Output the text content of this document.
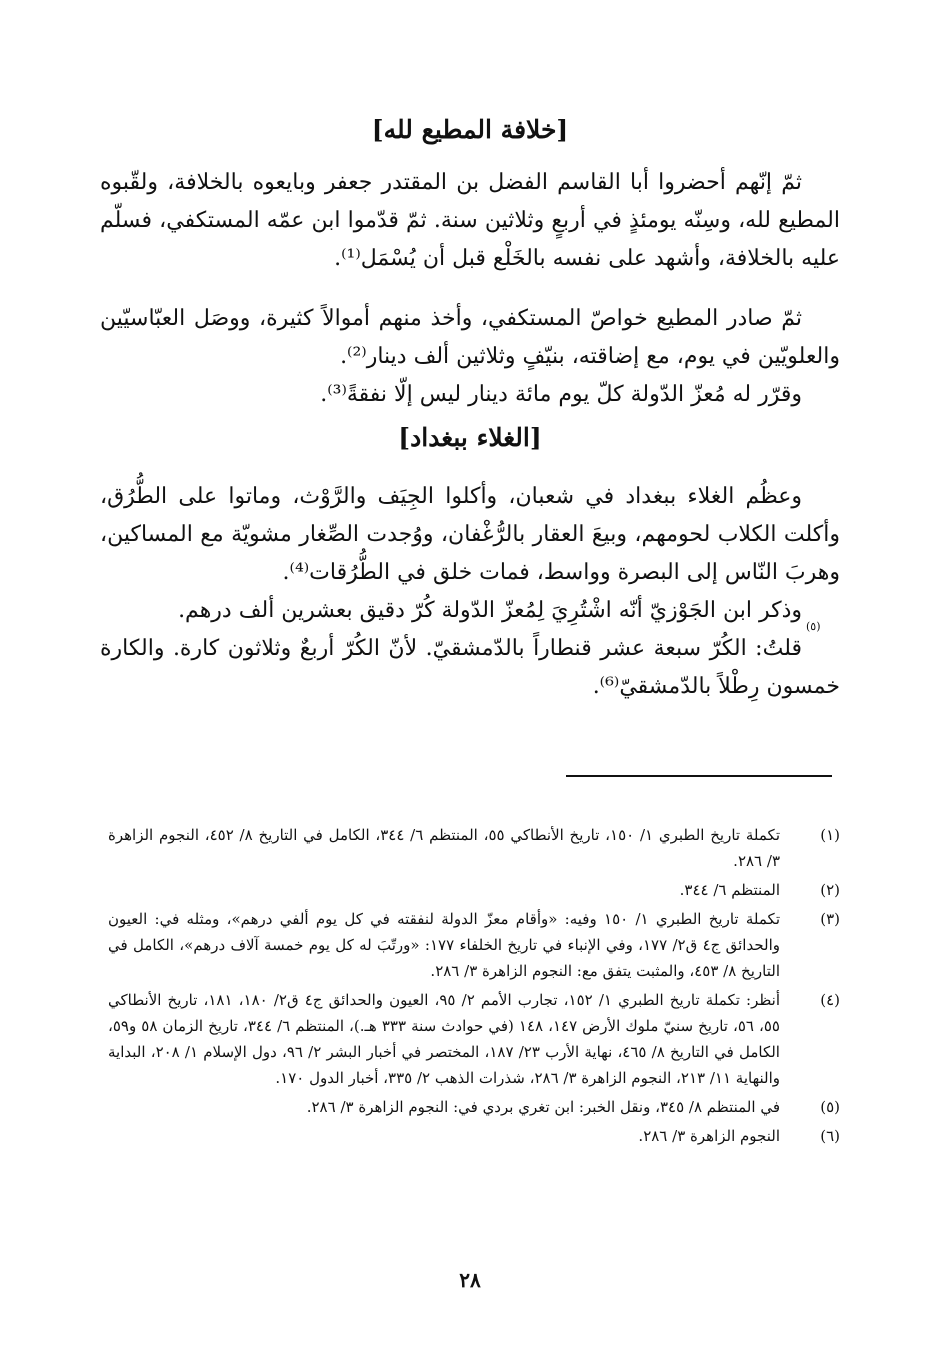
[خلافة المطيع لله]

ثمّ إنّهم أحضروا أبا القاسم الفضل بن المقتدر جعفر وبايعوه بالخلافة، ولقّبوه المطيع لله، وسِنّه يومئذٍ في أربعٍ وثلاثين سنة. ثمّ قدّموا ابن عمّه المستكفي، فسلّم عليه بالخلافة، وأشهد على نفسه بالخَلْع قبل أن يُسْمَل⁽¹⁾.

ثمّ صادر المطيع خواصّ المستكفي، وأخذ منهم أموالاً كثيرة، ووصَل العبّاسيّين والعلويّين في يوم، مع إضاقته، بنيّفٍ وثلاثين ألف دينار⁽²⁾.

وقرّر له مُعزّ الدّولة كلّ يوم مائة دينار ليس إلّا نفقةً⁽³⁾.

[الغلاء ببغداد]

وعظُم الغلاء ببغداد في شعبان، وأكلوا الجِيَف والرَّوْث، وماتوا على الطُّرُق، وأكلت الكلاب لحومهم، وبيعَ العقار بالرُّغْفان، ووُجدت الصِّغار مشويّة مع المساكين، وهربَ النّاس إلى البصرة وواسط، فمات خلق في الطُّرُقات⁽⁴⁾.

وذكر ابن الجَوْزيّ أنّه اشْتُرِيَ لِمُعزّ الدّولة كُرّ دقيق بعشرين ألف درهم.

قلتُ: الكُرّ سبعة عشر قنطاراً بالدّمشقيّ. لأنّ الكُرّ أربعٌ وثلاثون كارة. والكارة خمسون رِطْلاً بالدّمشقيّ⁽⁶⁾.

(٥)
(١)
تكملة تاريخ الطبري ١/ ١٥٠، تاريخ الأنطاكي ٥٥، المنتظم ٦/ ٣٤٤، الكامل في التاريخ ٨/ ٤٥٢، النجوم الزاهرة ٣/ ٢٨٦.
(٢)
المنتظم ٦/ ٣٤٤.
(٣)
تكملة تاريخ الطبري ١/ ١٥٠ وفيه: «وأقام معزّ الدولة لنفقته في كل يوم ألفي درهم»، ومثله في: العيون والحدائق ج٤ ق٢/ ١٧٧، وفي الإنباء في تاريخ الخلفاء ١٧٧: «ورتّبَ له كل يوم خمسة آلاف درهم»، الكامل في التاريخ ٨/ ٤٥٣، والمثبت يتفق مع: النجوم الزاهرة ٣/ ٢٨٦.
(٤)
أنظر: تكملة تاريخ الطبري ١/ ١٥٢، تجارب الأمم ٢/ ٩٥، العيون والحدائق ج٤ ق٢/ ١٨٠، ١٨١، تاريخ الأنطاكي ٥٥، ٥٦، تاريخ سنيّ ملوك الأرض ١٤٧، ١٤٨ (في حوادث سنة ٣٣٣ هـ.)، المنتظم ٦/ ٣٤٤، تاريخ الزمان ٥٨ و٥٩، الكامل في التاريخ ٨/ ٤٦٥، نهاية الأرب ٢٣/ ١٨٧، المختصر في أخبار البشر ٢/ ٩٦، دول الإسلام ١/ ٢٠٨، البداية والنهاية ١١/ ٢١٣، النجوم الزاهرة ٣/ ٢٨٦، شذرات الذهب ٢/ ٣٣٥، أخبار الدول ١٧٠.
(٥)
في المنتظم ٨/ ٣٤٥، ونقل الخبر: ابن تغري بردي في: النجوم الزاهرة ٣/ ٢٨٦.
(٦)
النجوم الزاهرة ٣/ ٢٨٦.
٢٨
